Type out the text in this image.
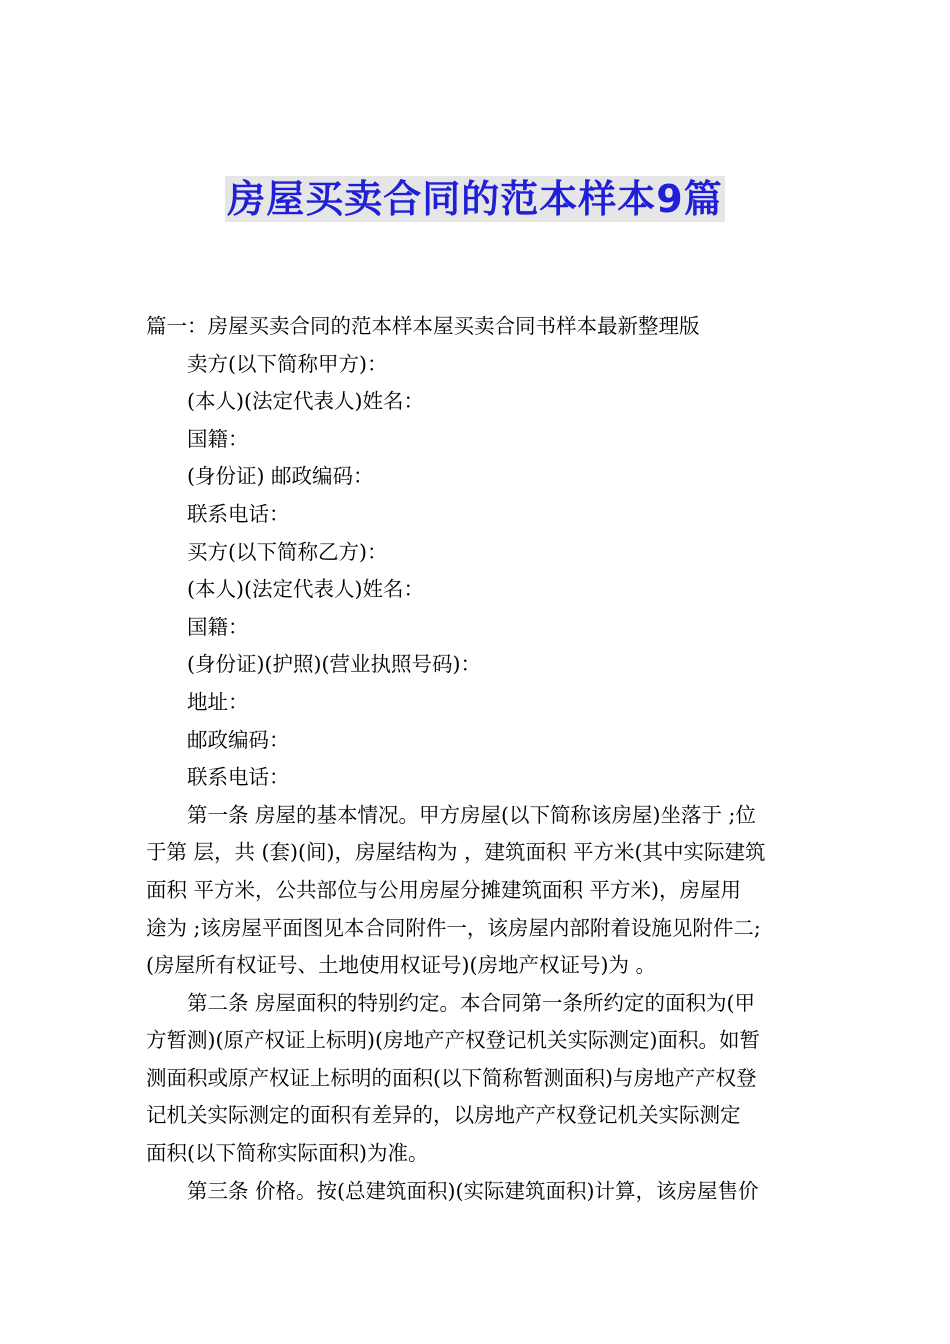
房屋买卖合同的范本样本9篇
篇一：房屋买卖合同的范本样本屋买卖合同书样本最新整理版
卖方(以下简称甲方)：
(本人)(法定代表人)姓名：
国籍：
(身份证) 邮政编码：
联系电话：
买方(以下简称乙方)：
(本人)(法定代表人)姓名：
国籍：
(身份证)(护照)(营业执照号码)：
地址：
邮政编码：
联系电话：
第一条 房屋的基本情况。甲方房屋(以下简称该房屋)坐落于 ;位
于第 层，共 (套)(间)，房屋结构为 ，建筑面积 平方米(其中实际建筑
面积 平方米，公共部位与公用房屋分摊建筑面积 平方米)，房屋用
途为 ;该房屋平面图见本合同附件一，该房屋内部附着设施见附件二;
(房屋所有权证号、土地使用权证号)(房地产权证号)为 。
第二条 房屋面积的特别约定。本合同第一条所约定的面积为(甲
方暂测)(原产权证上标明)(房地产产权登记机关实际测定)面积。如暂
测面积或原产权证上标明的面积(以下简称暂测面积)与房地产产权登
记机关实际测定的面积有差异的，以房地产产权登记机关实际测定
面积(以下简称实际面积)为准。
第三条 价格。按(总建筑面积)(实际建筑面积)计算，该房屋售价
